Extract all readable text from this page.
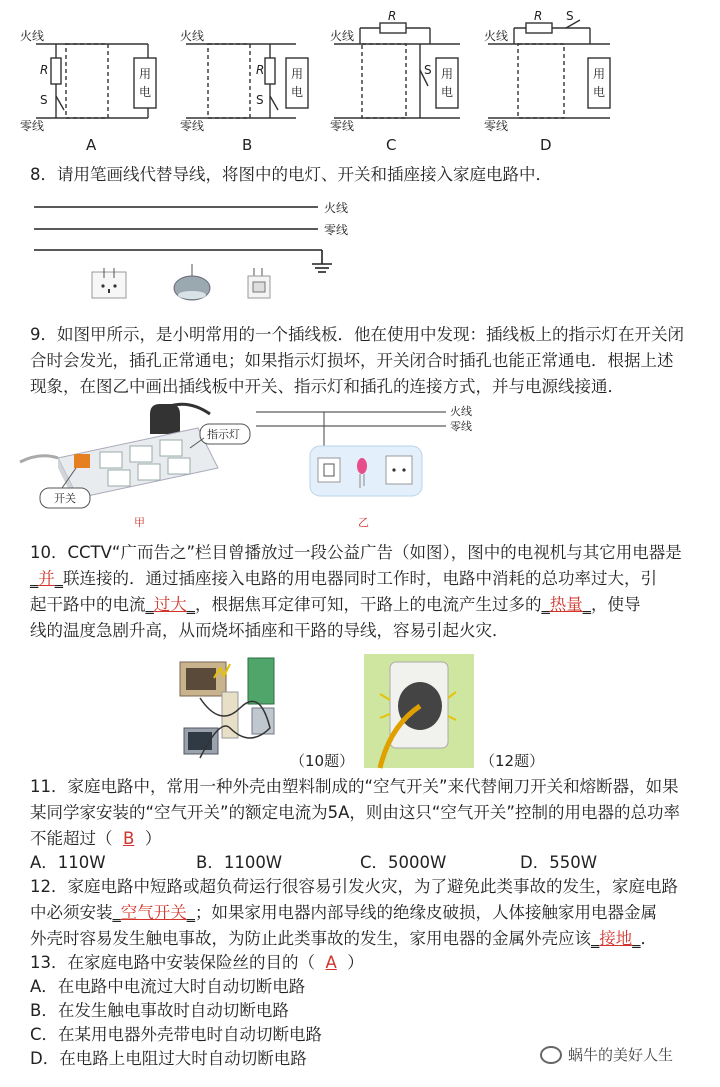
火线
零线
R
S
用
电
A
火线
零线
R
S
用
电
B
火线
零线
R
S 用
电
C
火线
零线
R S
用
电
D
8．请用笔画线代替导线，将图中的电灯、开关和插座接入家庭电路中．
火线
零线
9．如图甲所示，是小明常用的一个插线板．他在使用中发现：插线板上的指示灯在开关闭
合时会发光，插孔正常通电；如果指示灯损坏，开关闭合时插孔也能正常通电．根据上述
现象，在图乙中画出插线板中开关、指示灯和插孔的连接方式，并与电源线接通．
开关
指示灯
火线
零线
甲	乙
10．CCTV“广而告之”栏目曾播放过一段公益广告（如图），图中的电视机与其它用电器是
_并_联连接的．通过插座接入电路的用电器同时工作时，电路中消耗的总功率过大，引
起干路中的电流_过大_，根据焦耳定律可知，干路上的电流产生过多的_热量_，使导
线的温度急剧升高，从而烧坏插座和干路的导线，容易引起火灾．
（10题）	（12题）
11．家庭电路中，常用一种外壳由塑料制成的“空气开关”来代替闸刀开关和熔断器，如果
某同学家安装的“空气开关”的额定电流为5A，则由这只“空气开关”控制的用电器的总功率
不能超过（ B ）
A．110W	B．1100W	C．5000W	D．550W
12．家庭电路中短路或超负荷运行很容易引发火灾，为了避免此类事故的发生，家庭电路
中必须安装_空气开关_；如果家用电器内部导线的绝缘皮破损，人体接触家用电器金属
外壳时容易发生触电事故，为防止此类事故的发生，家用电器的金属外壳应该_接地_．
13．在家庭电路中安装保险丝的目的（ A ）
A．在电路中电流过大时自动切断电路
B．在发生触电事故时自动切断电路
C．在某用电器外壳带电时自动切断电路
D．在电路上电阻过大时自动切断电路	蜗牛的美好人生
